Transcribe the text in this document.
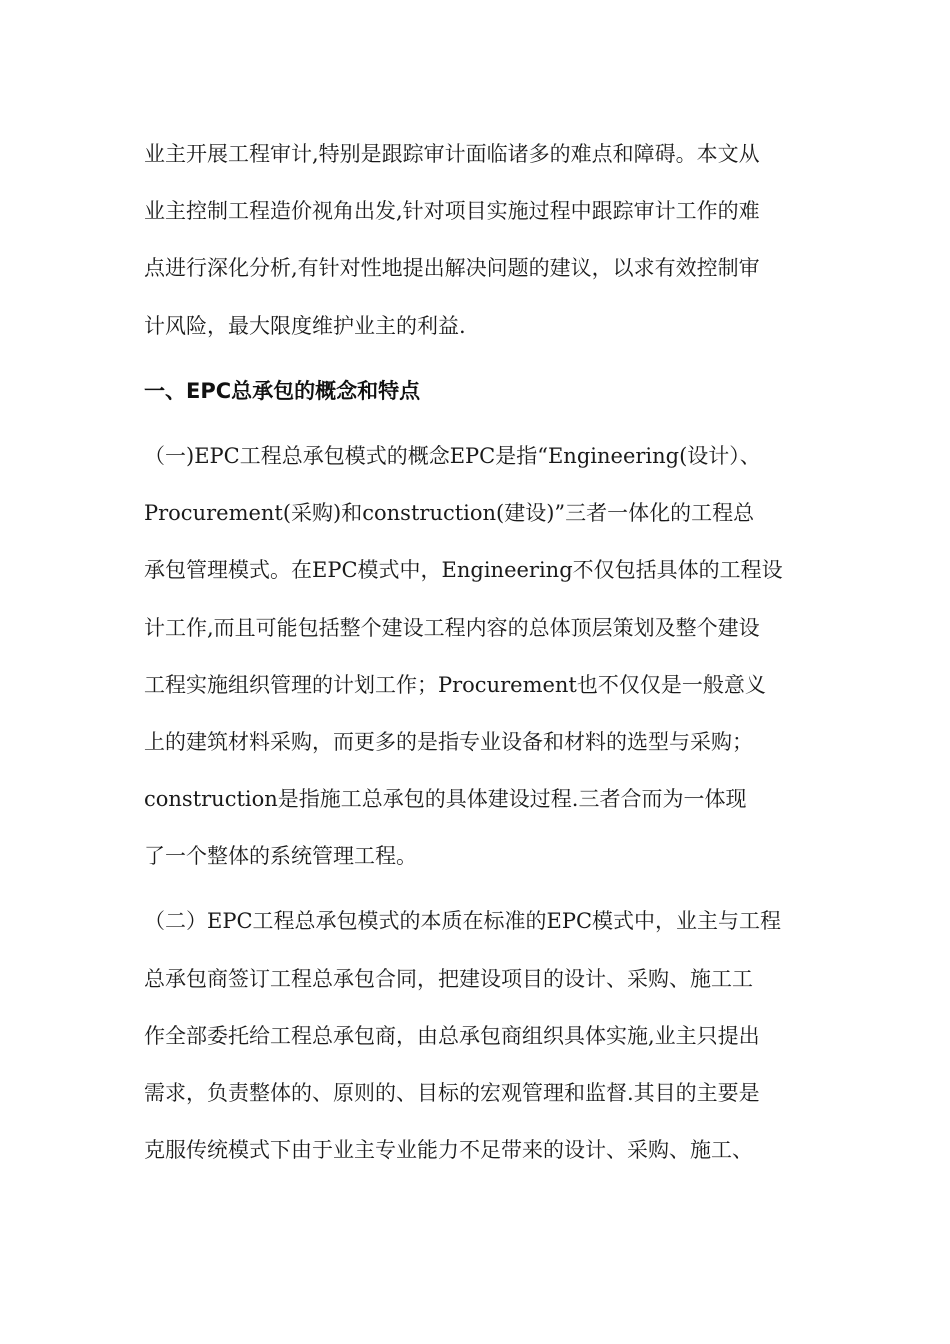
业主开展工程审计,特别是跟踪审计面临诸多的难点和障碍。本文从
业主控制工程造价视角出发,针对项目实施过程中跟踪审计工作的难
点进行深化分析,有针对性地提出解决问题的建议，以求有效控制审
计风险，最大限度维护业主的利益.
一、EPC总承包的概念和特点
（一)EPC工程总承包模式的概念EPC是指“Engineering(设计）、
Procurement(采购)和construction(建设)”三者一体化的工程总
承包管理模式。在EPC模式中，Engineering不仅包括具体的工程设
计工作,而且可能包括整个建设工程内容的总体顶层策划及整个建设
工程实施组织管理的计划工作；Procurement也不仅仅是一般意义
上的建筑材料采购，而更多的是指专业设备和材料的选型与采购；
construction是指施工总承包的具体建设过程.三者合而为一体现
了一个整体的系统管理工程。
（二）EPC工程总承包模式的本质在标准的EPC模式中，业主与工程
总承包商签订工程总承包合同，把建设项目的设计、采购、施工工
作全部委托给工程总承包商，由总承包商组织具体实施,业主只提出
需求，负责整体的、原则的、目标的宏观管理和监督.其目的主要是
克服传统模式下由于业主专业能力不足带来的设计、采购、施工、
